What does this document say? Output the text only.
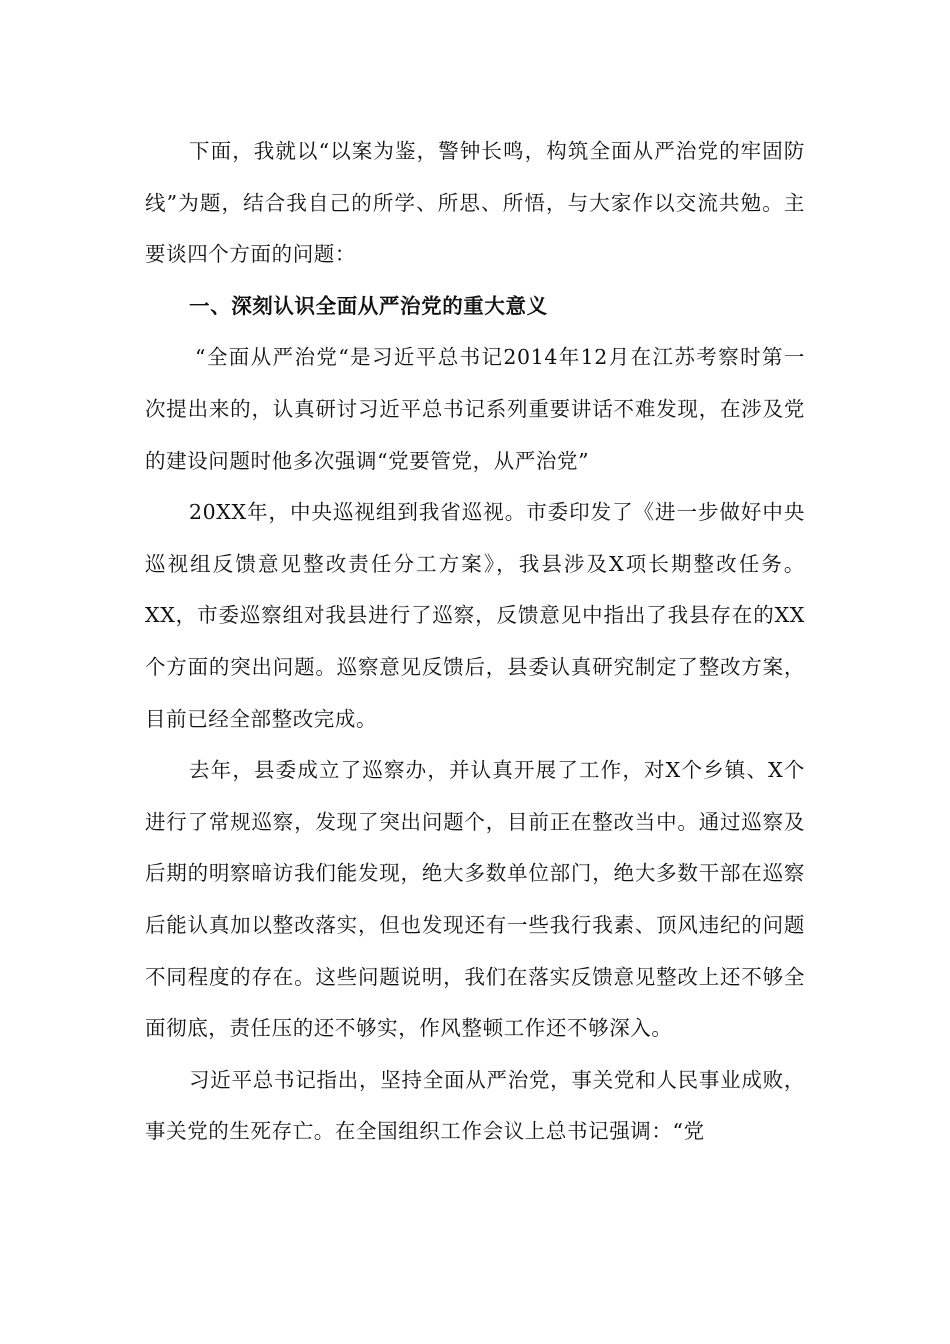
下面，我就以“以案为鉴，警钟长鸣，构筑全面从严治党的牢固防线”为题，结合我自己的所学、所思、所悟，与大家作以交流共勉。主要谈四个方面的问题：

一、深刻认识全面从严治党的重大意义

“全面从严治党“是习近平总书记2014年12月在江苏考察时第一次提出来的，认真研讨习近平总书记系列重要讲话不难发现，在涉及党的建设问题时他多次强调“党要管党，从严治党”

20XX年，中央巡视组到我省巡视。市委印发了《进一步做好中央巡视组反馈意见整改责任分工方案》，我县涉及X项长期整改任务。XX，市委巡察组对我县进行了巡察，反馈意见中指出了我县存在的XX个方面的突出问题。巡察意见反馈后，县委认真研究制定了整改方案，目前已经全部整改完成。

去年，县委成立了巡察办，并认真开展了工作，对X个乡镇、X个进行了常规巡察，发现了突出问题个，目前正在整改当中。通过巡察及后期的明察暗访我们能发现，绝大多数单位部门，绝大多数干部在巡察后能认真加以整改落实，但也发现还有一些我行我素、顶风违纪的问题不同程度的存在。这些问题说明，我们在落实反馈意见整改上还不够全面彻底，责任压的还不够实，作风整顿工作还不够深入。

习近平总书记指出，坚持全面从严治党，事关党和人民事业成败，事关党的生死存亡。在全国组织工作会议上总书记强调：“党
